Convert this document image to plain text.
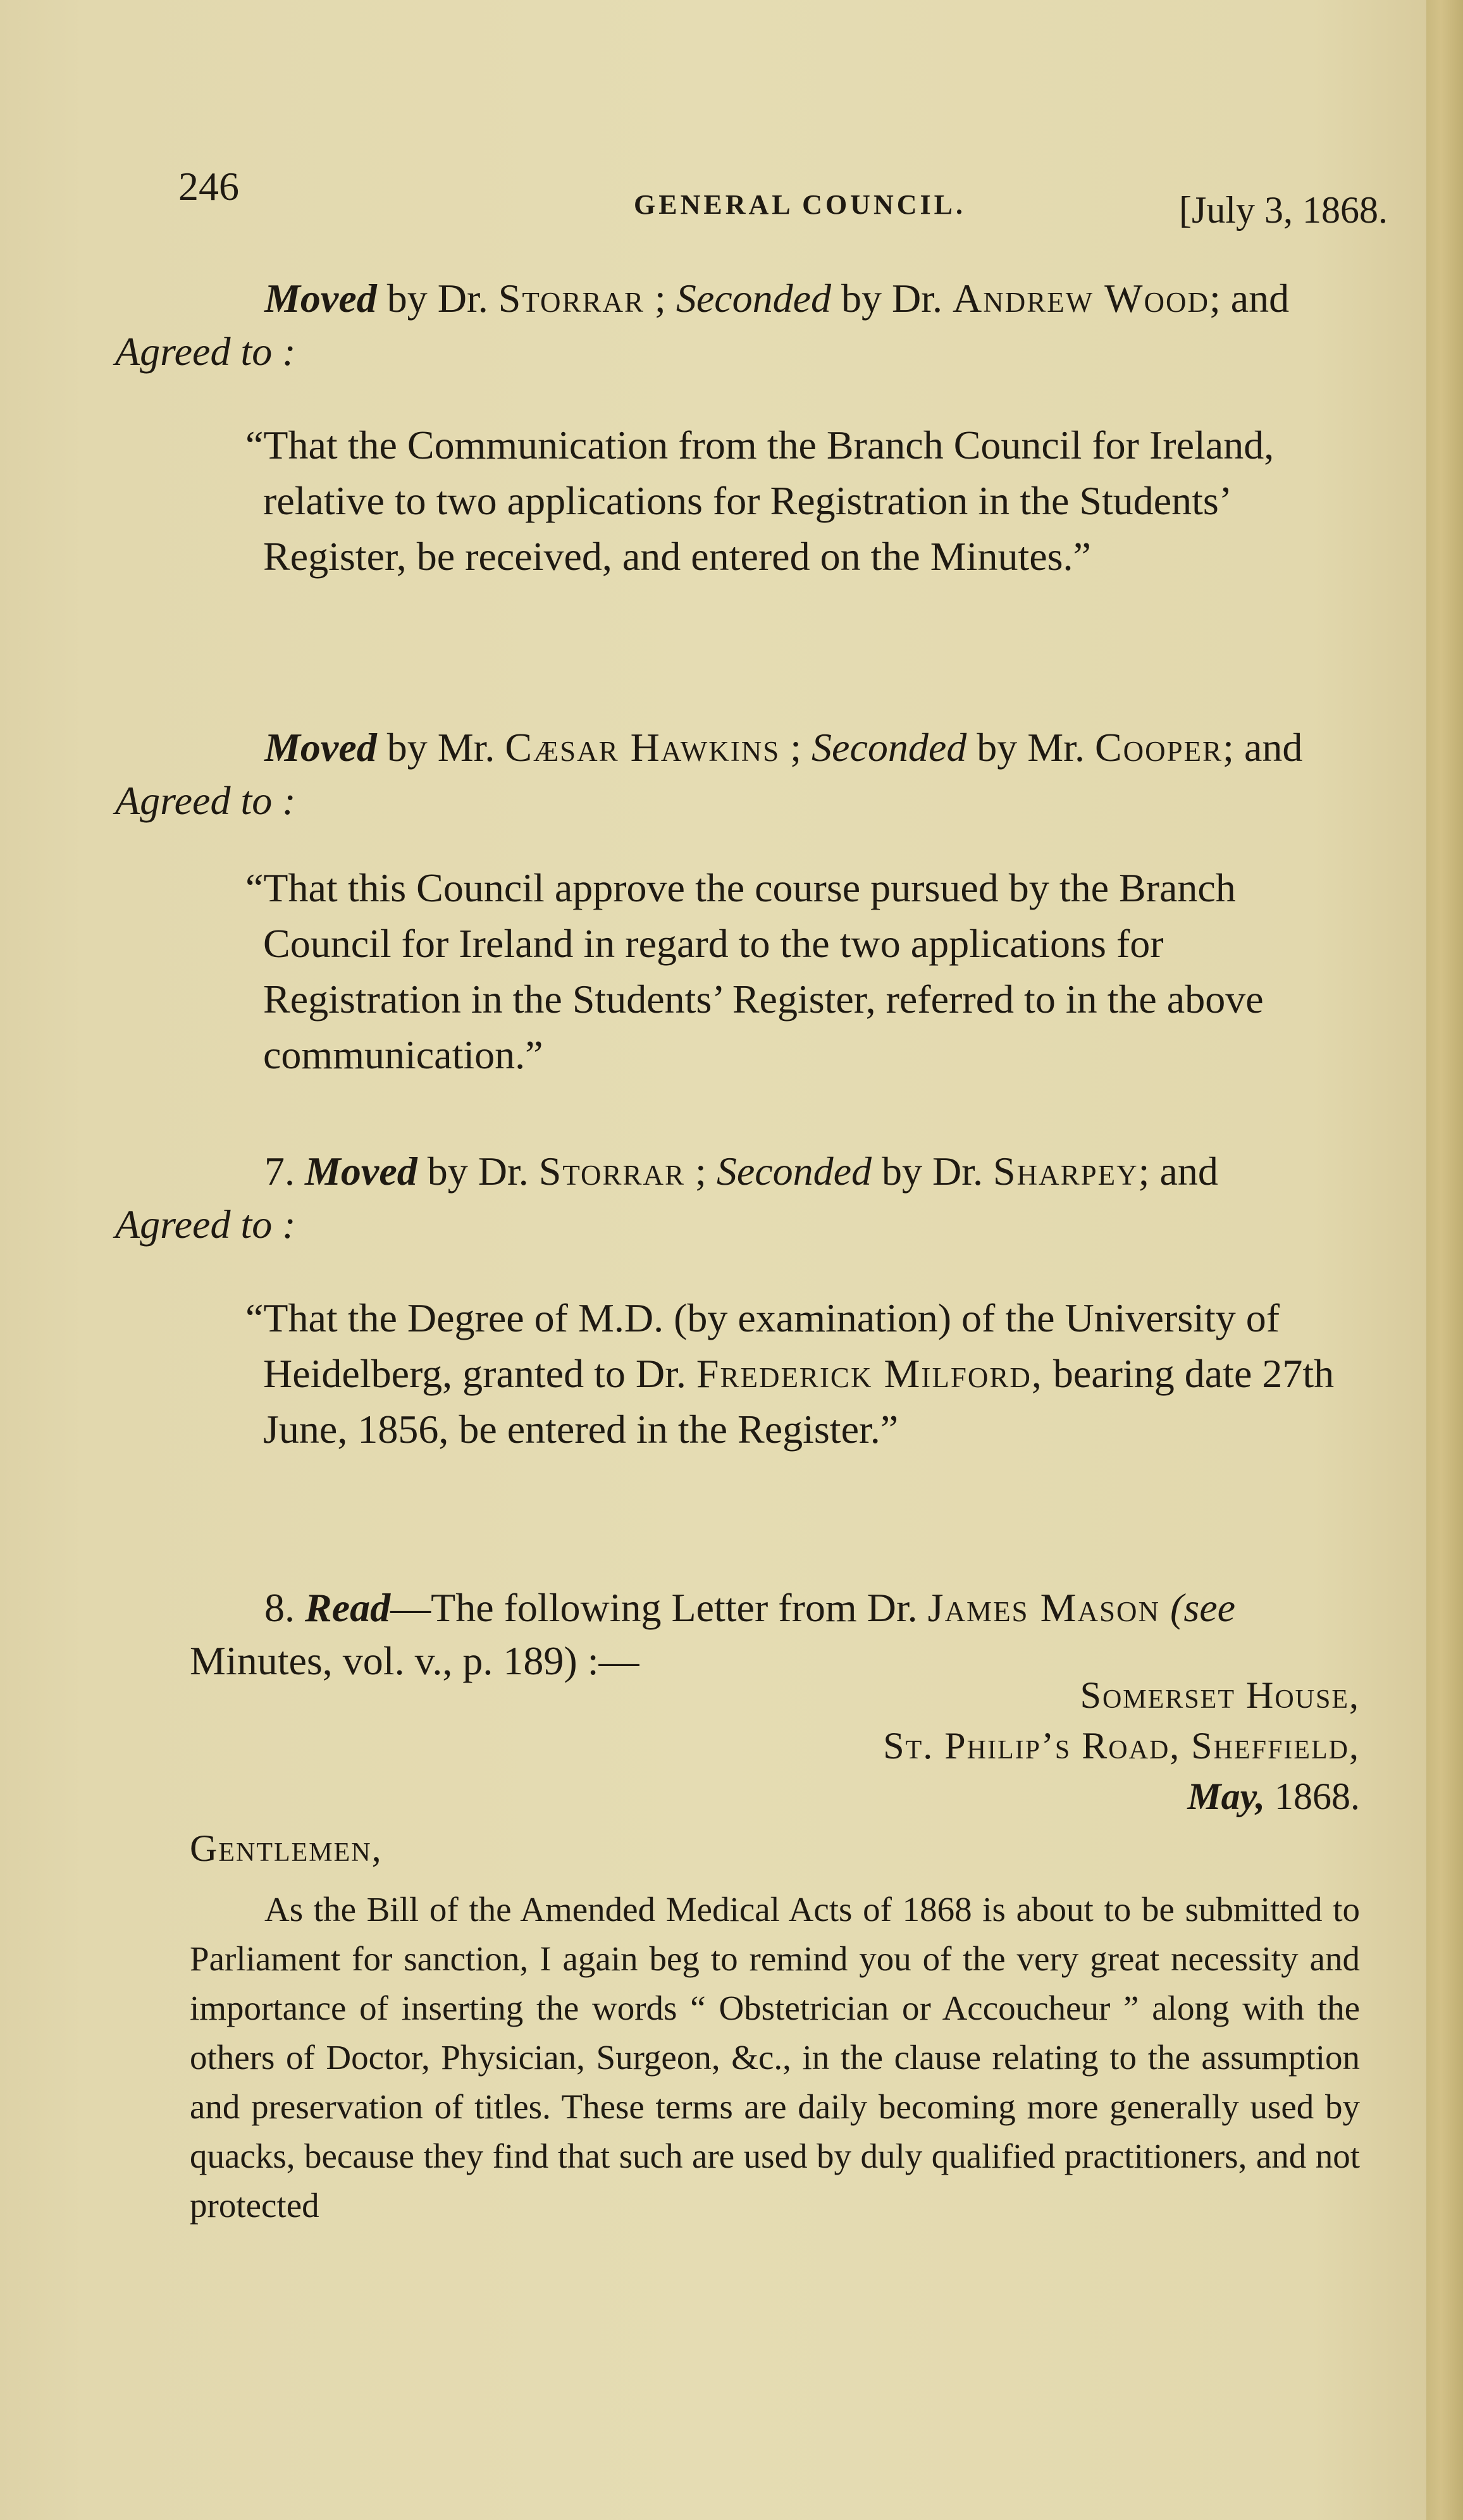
246	GENERAL COUNCIL.	[July 3, 1868.
Moved by Dr. Storrar ; Seconded by Dr. Andrew Wood; and
Agreed to :
“That the Communication from the Branch Council for Ireland, relative to two applications for Registration in the Students’ Register, be received, and entered on the Minutes.”
Moved by Mr. Cæsar Hawkins ; Seconded by Mr. Cooper; and
Agreed to :
“That this Council approve the course pursued by the Branch Council for Ireland in regard to the two applications for Registration in the Students’ Register, referred to in the above communication.”
7. Moved by Dr. Storrar ; Seconded by Dr. Sharpey; and
Agreed to :
“That the Degree of M.D. (by examination) of the University of Heidelberg, granted to Dr. Frederick Milford, bearing date 27th June, 1856, be entered in the Register.”
8. Read—The following Letter from Dr. James Mason (see Minutes, vol. v., p. 189) :—
Somerset House,
St. Philip’s Road, Sheffield,
May, 1868.
Gentlemen,
As the Bill of the Amended Medical Acts of 1868 is about to be submitted to Parliament for sanction, I again beg to remind you of the very great necessity and importance of inserting the words “ Obstetrician or Accoucheur ” along with the others of Doctor, Physician, Surgeon, &c., in the clause relating to the assumption and preservation of titles. These terms are daily becoming more generally used by quacks, because they find that such are used by duly qualified practitioners, and not protected
